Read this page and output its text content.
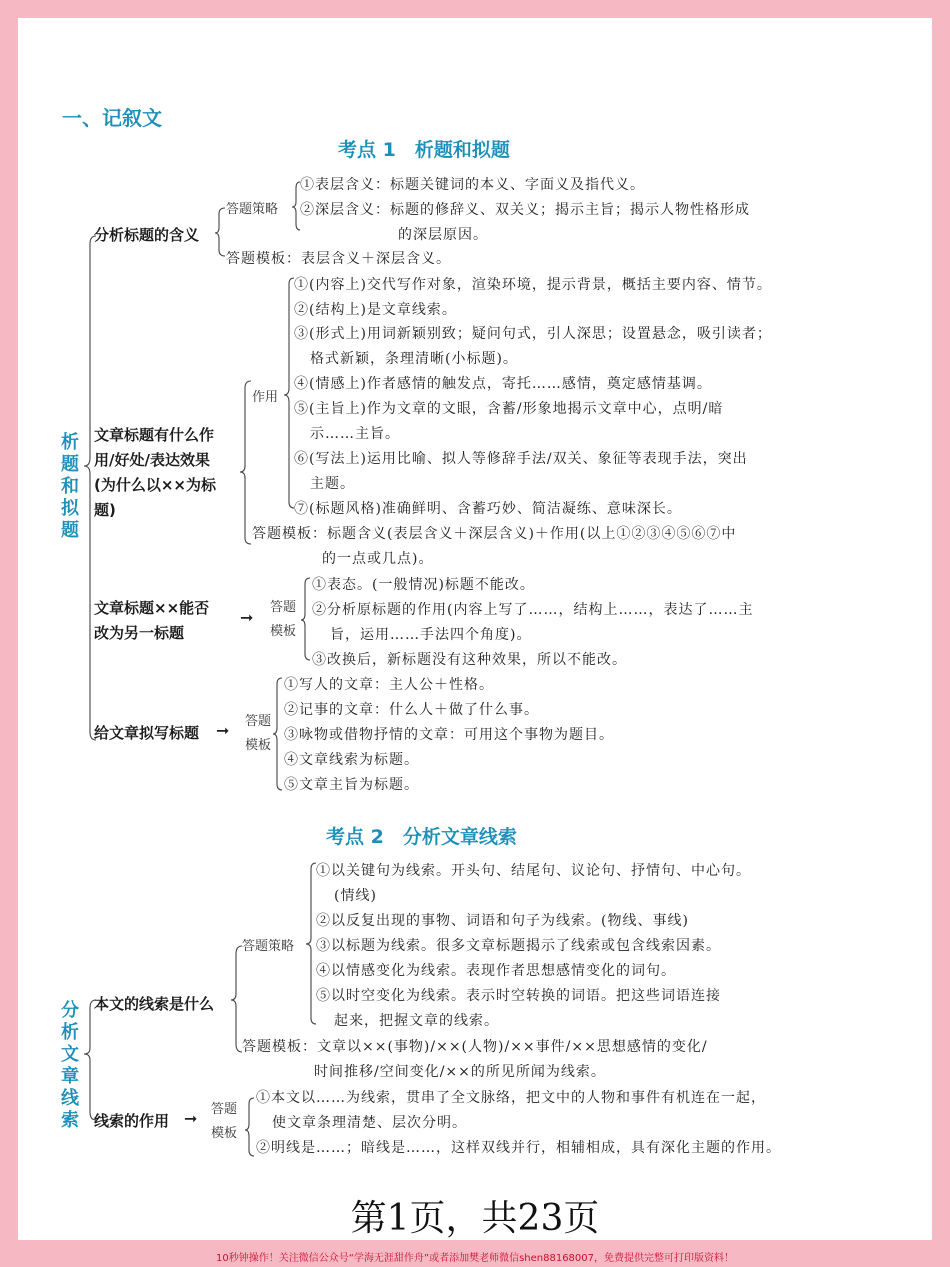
一、记叙文
考点 1　析题和拟题
析题和拟题
分析标题的含义
答题策略
①表层含义：标题关键词的本义、字面义及指代义。
②深层含义：标题的修辞义、双关义；揭示主旨；揭示人物性格形成
的深层原因。
答题模板：表层含义＋深层含义。
文章标题有什么作
用/好处/表达效果
(为什么以××为标
题)
作用
①(内容上)交代写作对象，渲染环境，提示背景，概括主要内容、情节。
②(结构上)是文章线索。
③(形式上)用词新颖别致；疑问句式，引人深思；设置悬念，吸引读者；
格式新颖，条理清晰(小标题)。
④(情感上)作者感情的触发点，寄托……感情，奠定感情基调。
⑤(主旨上)作为文章的文眼，含蓄/形象地揭示文章中心，点明/暗
示……主旨。
⑥(写法上)运用比喻、拟人等修辞手法/双关、象征等表现手法，突出
主题。
⑦(标题风格)准确鲜明、含蓄巧妙、简洁凝练、意味深长。
答题模板：标题含义(表层含义＋深层含义)＋作用(以上①②③④⑤⑥⑦中
的一点或几点)。
文章标题××能否
改为另一标题
➞
答题
模板
①表态。(一般情况)标题不能改。
②分析原标题的作用(内容上写了……，结构上……，表达了……主
旨，运用……手法四个角度)。
③改换后，新标题没有这种效果，所以不能改。
给文章拟写标题 ➞ 答题
模板
①写人的文章：主人公＋性格。
②记事的文章：什么人＋做了什么事。
③咏物或借物抒情的文章：可用这个事物为题目。
④文章线索为标题。
⑤文章主旨为标题。
考点 2　分析文章线索
分析文章线索
本文的线索是什么
答题策略
①以关键句为线索。开头句、结尾句、议论句、抒情句、中心句。
(情线)
②以反复出现的事物、词语和句子为线索。(物线、事线)
③以标题为线索。很多文章标题揭示了线索或包含线索因素。
④以情感变化为线索。表现作者思想感情变化的词句。
⑤以时空变化为线索。表示时空转换的词语。把这些词语连接
起来，把握文章的线索。
答题模板：文章以××(事物)/××(人物)/××事件/××思想感情的变化/
时间推移/空间变化/××的所见所闻为线索。
线索的作用 ➞ 答题
模板
①本文以……为线索，贯串了全文脉络，把文中的人物和事件有机连在一起，
使文章条理清楚、层次分明。
②明线是……；暗线是……，这样双线并行，相辅相成，具有深化主题的作用。
第1页，共23页
10秒钟操作！关注微信公众号“学海无涯甜作舟”或者添加樊老师微信shen88168007，免费提供完整可打印版资料！
